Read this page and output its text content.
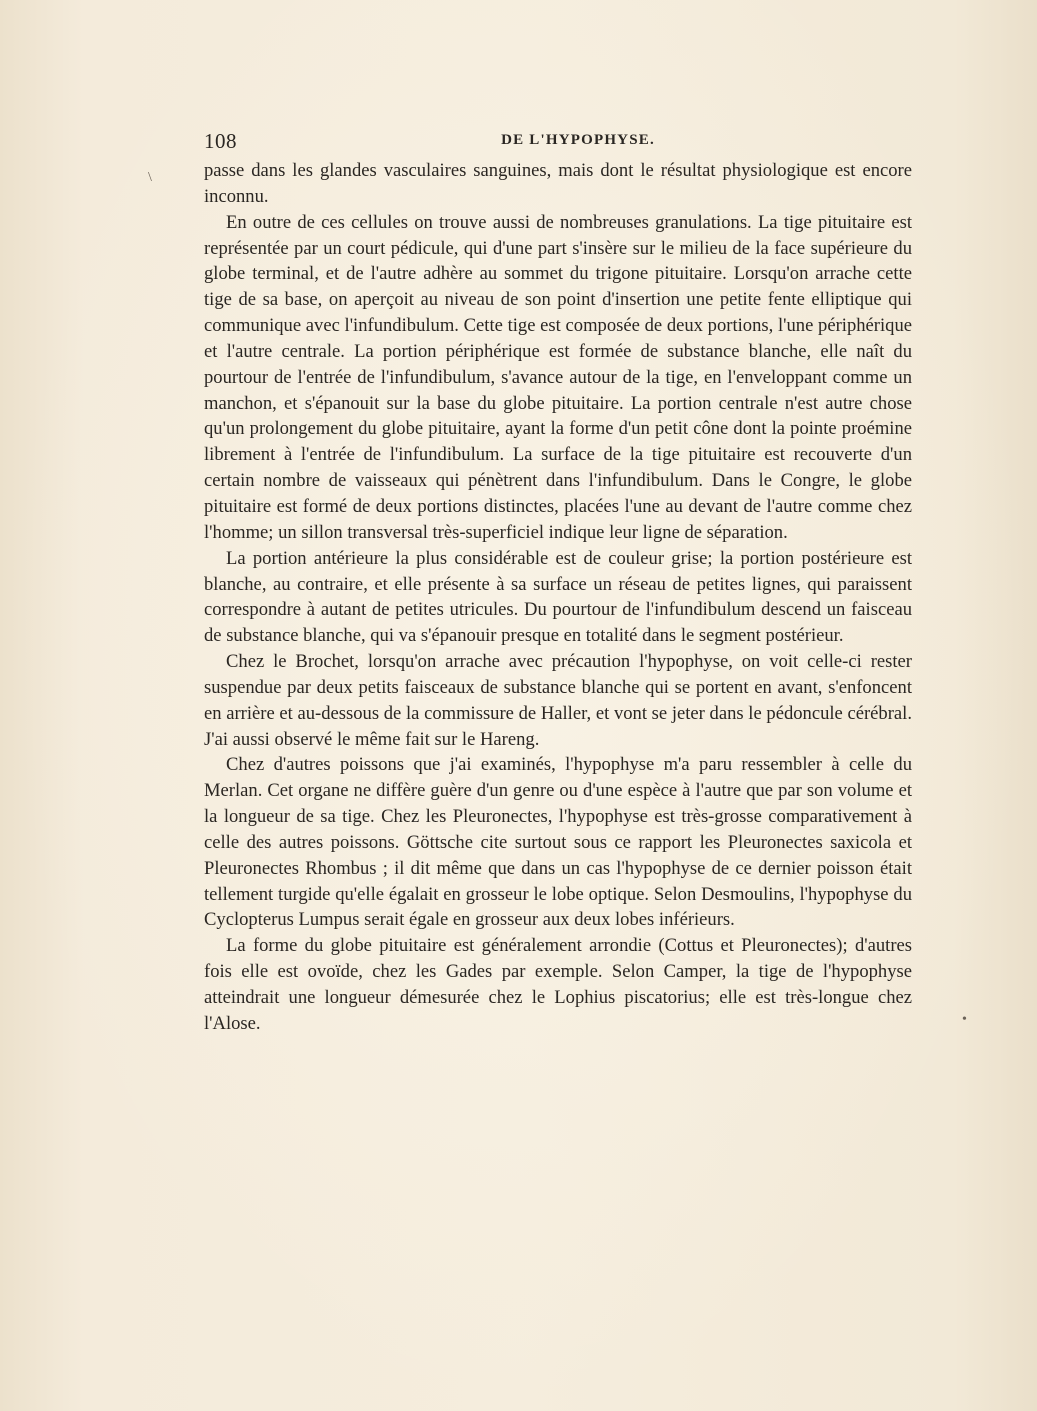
108	DE L'HYPOPHYSE.
\
•

passe dans les glandes vasculaires sanguines, mais dont le résultat physiologique est encore inconnu.

En outre de ces cellules on trouve aussi de nombreuses granulations. La tige pituitaire est représentée par un court pédicule, qui d'une part s'insère sur le milieu de la face supérieure du globe terminal, et de l'autre adhère au sommet du trigone pituitaire. Lorsqu'on arrache cette tige de sa base, on aperçoit au niveau de son point d'insertion une petite fente elliptique qui communique avec l'infundibulum. Cette tige est composée de deux portions, l'une périphérique et l'autre centrale. La portion périphérique est formée de substance blanche, elle naît du pourtour de l'entrée de l'infundibulum, s'avance autour de la tige, en l'enveloppant comme un manchon, et s'épanouit sur la base du globe pituitaire. La portion centrale n'est autre chose qu'un prolongement du globe pituitaire, ayant la forme d'un petit cône dont la pointe proémine librement à l'entrée de l'infundibulum. La surface de la tige pituitaire est recouverte d'un certain nombre de vaisseaux qui pénètrent dans l'infundibulum. Dans le Congre, le globe pituitaire est formé de deux portions distinctes, placées l'une au devant de l'autre comme chez l'homme; un sillon transversal très-superficiel indique leur ligne de séparation.

La portion antérieure la plus considérable est de couleur grise; la portion postérieure est blanche, au contraire, et elle présente à sa surface un réseau de petites lignes, qui paraissent correspondre à autant de petites utricules. Du pourtour de l'infundibulum descend un faisceau de substance blanche, qui va s'épanouir presque en totalité dans le segment postérieur.

Chez le Brochet, lorsqu'on arrache avec précaution l'hypophyse, on voit celle-ci rester suspendue par deux petits faisceaux de substance blanche qui se portent en avant, s'enfoncent en arrière et au-dessous de la commissure de Haller, et vont se jeter dans le pédoncule cérébral. J'ai aussi observé le même fait sur le Hareng.

Chez d'autres poissons que j'ai examinés, l'hypophyse m'a paru ressembler à celle du Merlan. Cet organe ne diffère guère d'un genre ou d'une espèce à l'autre que par son volume et la longueur de sa tige. Chez les Pleuronectes, l'hypophyse est très-grosse comparativement à celle des autres poissons. Göttsche cite surtout sous ce rapport les Pleuronectes saxicola et Pleuronectes Rhombus ; il dit même que dans un cas l'hypophyse de ce dernier poisson était tellement turgide qu'elle égalait en grosseur le lobe optique. Selon Desmoulins, l'hypophyse du Cyclopterus Lumpus serait égale en grosseur aux deux lobes inférieurs.

La forme du globe pituitaire est généralement arrondie (Cottus et Pleuronectes); d'autres fois elle est ovoïde, chez les Gades par exemple. Selon Camper, la tige de l'hypophyse atteindrait une longueur démesurée chez le Lophius piscatorius; elle est très-longue chez l'Alose.
